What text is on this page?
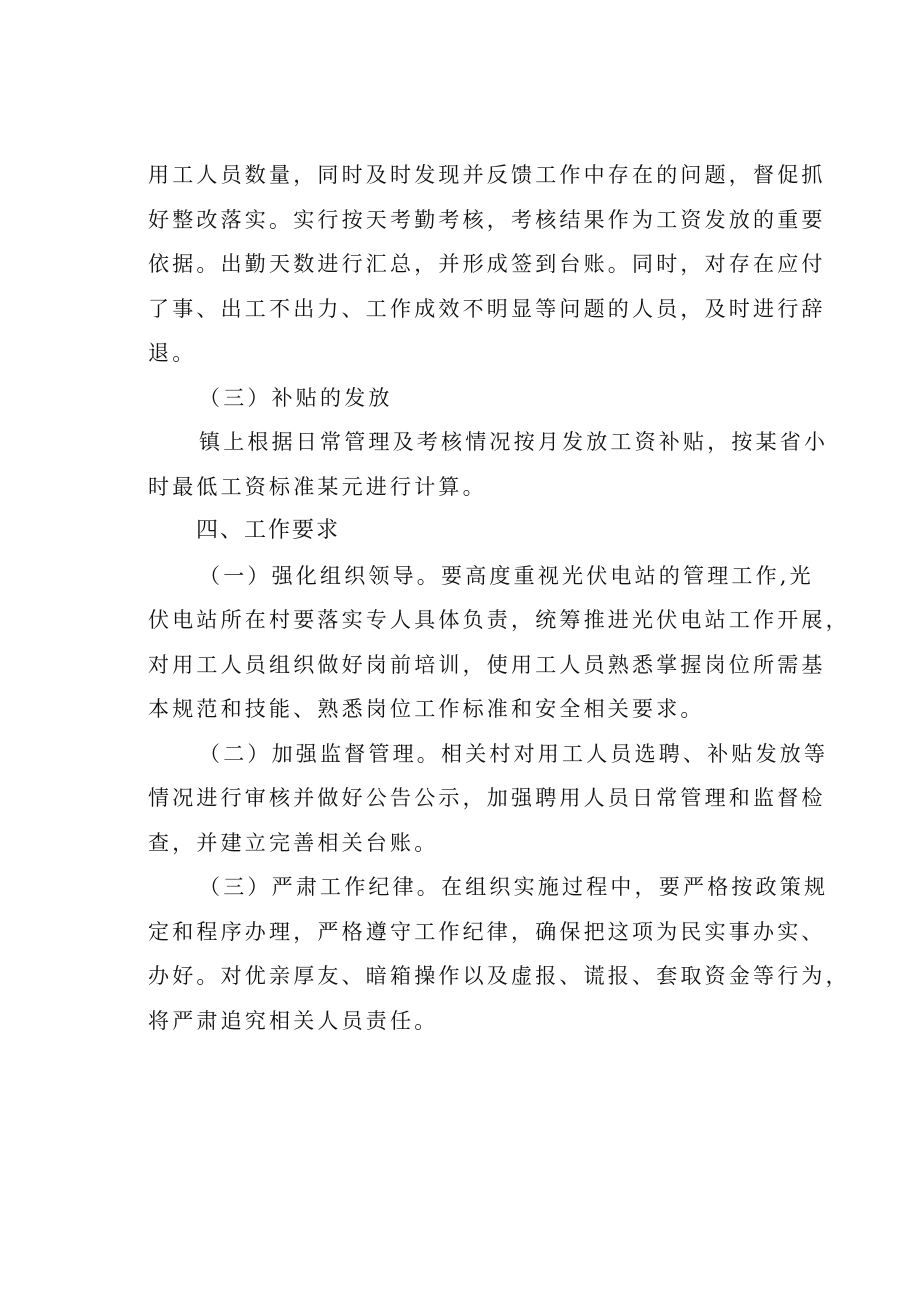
用工人员数量，同时及时发现并反馈工作中存在的问题，督促抓

好整改落实。实行按天考勤考核，考核结果作为工资发放的重要

依据。出勤天数进行汇总，并形成签到台账。同时，对存在应付

了事、出工不出力、工作成效不明显等问题的人员，及时进行辞

退。

（三）补贴的发放

镇上根据日常管理及考核情况按月发放工资补贴，按某省小

时最低工资标准某元进行计算。

四、工作要求

（一）强化组织领导。要高度重视光伏电站的管理工作,光

伏电站所在村要落实专人具体负责，统筹推进光伏电站工作开展，

对用工人员组织做好岗前培训，使用工人员熟悉掌握岗位所需基

本规范和技能、熟悉岗位工作标准和安全相关要求。

（二）加强监督管理。相关村对用工人员选聘、补贴发放等

情况进行审核并做好公告公示，加强聘用人员日常管理和监督检

查，并建立完善相关台账。

（三）严肃工作纪律。在组织实施过程中，要严格按政策规

定和程序办理，严格遵守工作纪律，确保把这项为民实事办实、

办好。对优亲厚友、暗箱操作以及虚报、谎报、套取资金等行为，

将严肃追究相关人员责任。
